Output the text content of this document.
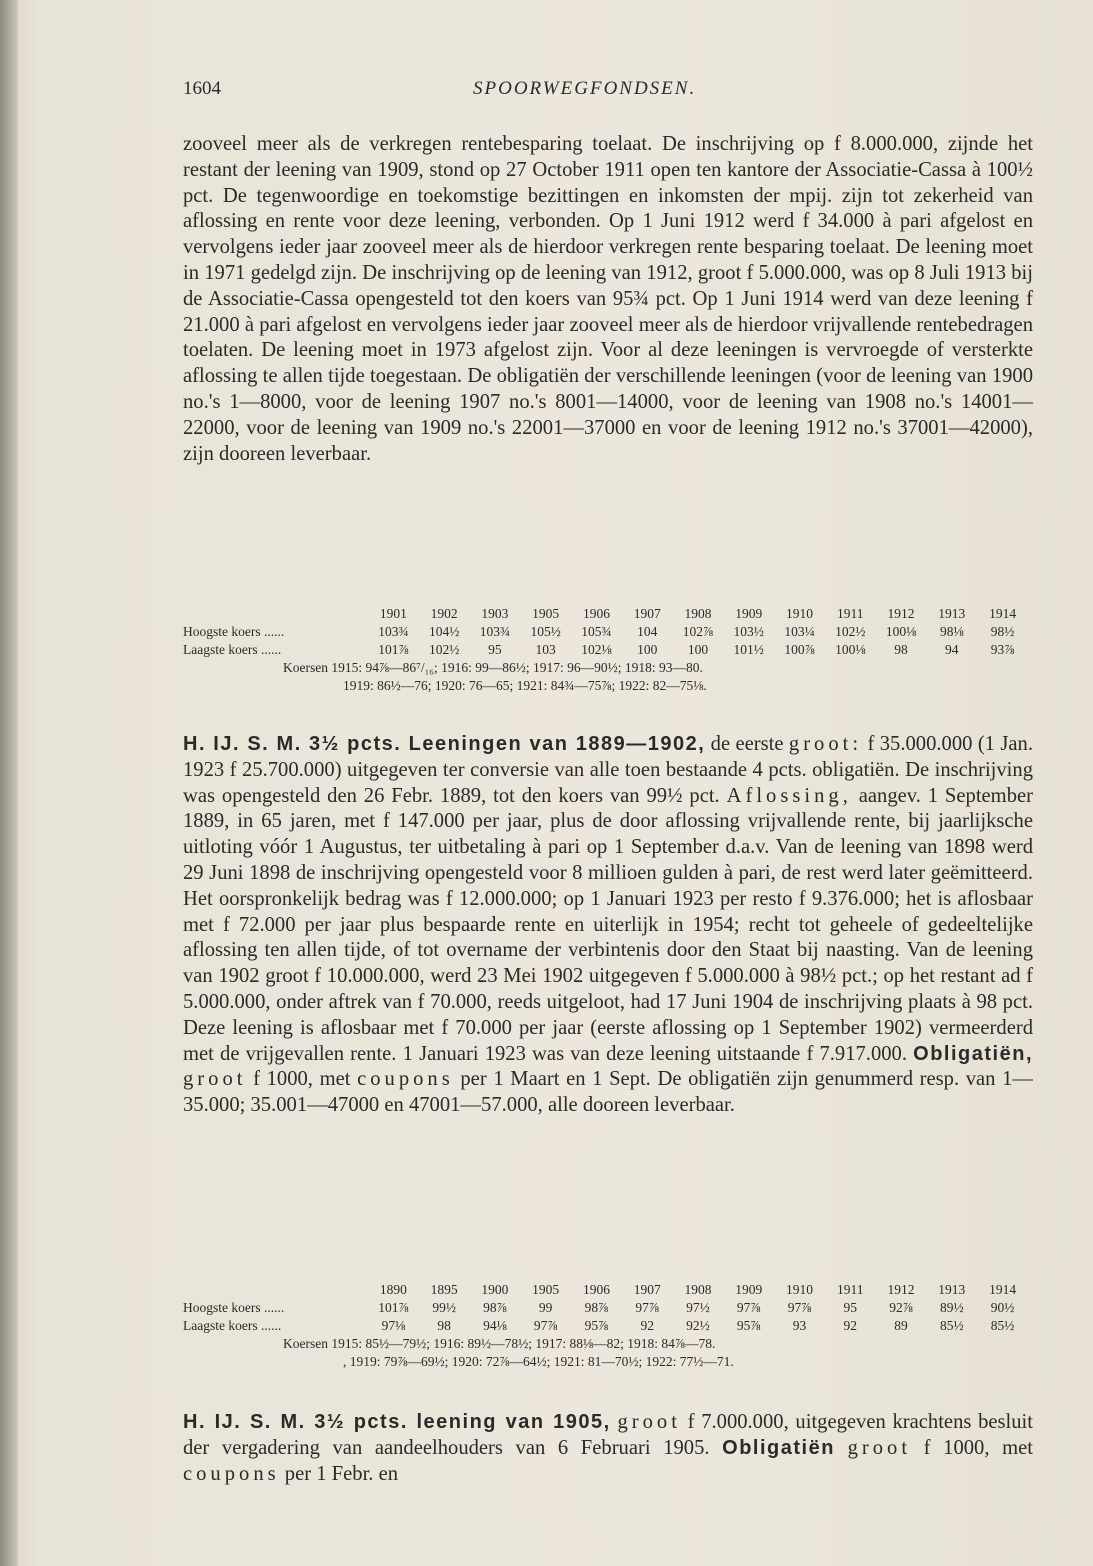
1604	SPOORWEGFONDSEN.

zooveel meer als de verkregen rentebesparing toelaat. De inschrijving op f 8.000.000, zijnde het restant der leening van 1909, stond op 27 October 1911 open ten kantore der Associatie-Cassa à 100½ pct. De tegenwoordige en toekomstige bezittingen en inkomsten der mpij. zijn tot zekerheid van aflossing en rente voor deze leening, verbonden. Op 1 Juni 1912 werd f 34.000 à pari afgelost en vervolgens ieder jaar zooveel meer als de hierdoor verkregen rente besparing toelaat. De leening moet in 1971 gedelgd zijn. De inschrijving op de leening van 1912, groot f 5.000.000, was op 8 Juli 1913 bij de Associatie-Cassa opengesteld tot den koers van 95¾ pct. Op 1 Juni 1914 werd van deze leening f 21.000 à pari afgelost en vervolgens ieder jaar zooveel meer als de hierdoor vrijvallende rentebedragen toelaten. De leening moet in 1973 afgelost zijn. Voor al deze leeningen is vervroegde of versterkte aflossing te allen tijde toegestaan. De obligatiën der verschillende leeningen (voor de leening van 1900 no.'s 1—8000, voor de leening 1907 no.'s 8001—14000, voor de leening van 1908 no.'s 14001—22000, voor de leening van 1909 no.'s 22001—37000 en voor de leening 1912 no.'s 37001—42000), zijn dooreen leverbaar.

1901	1902	1903	1905	1906	1907	1908	1909	1910	1911	1912	1913	1914
Hoogste koers ......	103¾	104½	103¾	105½	105¾	104	102⅞	103½	103¼	102½	100⅛	98⅛	98½
Laagste koers ......	101⅞	102½	95	103	102⅛	100	100	101½	100⅞	100⅛	98	94	93⅞
Koersen 1915: 94⅞—86⁷/₁₆; 1916: 99—86½; 1917: 96—90½; 1918: 93—80.
1919: 86½—76; 1920: 76—65; 1921: 84¾—75⅞; 1922: 82—75⅛.

H. IJ. S. M. 3½ pcts. Leeningen van 1889—1902, de eerste groot: f 35.000.000 (1 Jan. 1923 f 25.700.000) uitgegeven ter conversie van alle toen bestaande 4 pcts. obligatiën. De inschrijving was opengesteld den 26 Febr. 1889, tot den koers van 99½ pct. Aflossing, aangev. 1 September 1889, in 65 jaren, met f 147.000 per jaar, plus de door aflossing vrijvallende rente, bij jaarlijksche uitloting vóór 1 Augustus, ter uitbetaling à pari op 1 September d.a.v. Van de leening van 1898 werd 29 Juni 1898 de inschrijving opengesteld voor 8 millioen gulden à pari, de rest werd later geëmitteerd. Het oorspronkelijk bedrag was f 12.000.000; op 1 Januari 1923 per resto f 9.376.000; het is aflosbaar met f 72.000 per jaar plus bespaarde rente en uiterlijk in 1954; recht tot geheele of gedeeltelijke aflossing ten allen tijde, of tot overname der verbintenis door den Staat bij naasting. Van de leening van 1902 groot f 10.000.000, werd 23 Mei 1902 uitgegeven f 5.000.000 à 98½ pct.; op het restant ad f 5.000.000, onder aftrek van f 70.000, reeds uitgeloot, had 17 Juni 1904 de inschrijving plaats à 98 pct. Deze leening is aflosbaar met f 70.000 per jaar (eerste aflossing op 1 September 1902) vermeerderd met de vrijgevallen rente. 1 Januari 1923 was van deze leening uitstaande f 7.917.000. Obligatiën, groot f 1000, met coupons per 1 Maart en 1 Sept. De obligatiën zijn genummerd resp. van 1—35.000; 35.001—47000 en 47001—57.000, alle dooreen leverbaar.

1890	1895	1900	1905	1906	1907	1908	1909	1910	1911	1912	1913	1914
Hoogste koers ......	101⅞	99½	98⅞	99	98⅞	97⅞	97½	97⅞	97⅞	95	92⅞	89½	90½
Laagste koers ......	97⅛	98	94⅛	97⅞	95⅞	92	92½	95⅞	93	92	89	85½	85½
Koersen 1915: 85½—79½; 1916: 89½—78½; 1917: 88⅛—82; 1918: 84⅞—78.
, 1919: 79⅞—69½; 1920: 72⅞—64½; 1921: 81—70½; 1922: 77½—71.

H. IJ. S. M. 3½ pcts. leening van 1905, groot f 7.000.000, uitgegeven krachtens besluit der vergadering van aandeelhouders van 6 Februari 1905. Obligatiën groot f 1000, met coupons per 1 Febr. en
